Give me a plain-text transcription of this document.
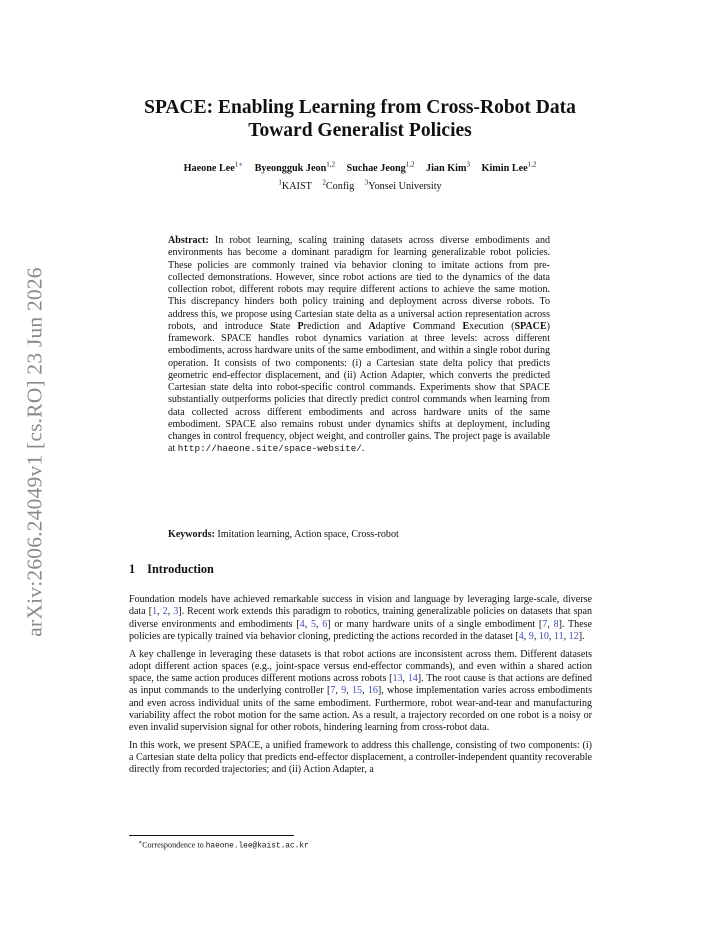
arXiv:2606.24049v1 [cs.RO] 23 Jun 2026
SPACE: Enabling Learning from Cross-Robot Data
Toward Generalist Policies
Haeone Lee$^{1∗}$ Byeongguk Jeon$^{1,2}$ Suchae Jeong$^{1,2}$ Jian Kim$^3$ Kimin Lee$^{1,2}$
$^1$KAIST $^2$Config $^3$Yonsei University

Abstract: In robot learning, scaling training datasets across diverse embodiments and environments has become a dominant paradigm for learning generalizable robot policies. These policies are commonly trained via behavior cloning to imitate actions from pre-collected demonstrations. However, since robot actions are tied to the dynamics of the data collection robot, different robots may require different actions to achieve the same motion. This discrepancy hinders both policy training and deployment across diverse robots. To address this, we propose using Cartesian state delta as a universal action representation across robots, and introduce State Prediction and Adaptive Command Execution (SPACE) framework. SPACE handles robot dynamics variation at three levels: across different embodiments, across hardware units of the same embodiment, and within a single robot during operation. It consists of two components: (i) a Cartesian state delta policy that predicts geometric end-effector displacement, and (ii) Action Adapter, which converts the predicted Cartesian state delta into robot-specific control commands. Experiments show that SPACE substantially outperforms policies that directly predict control commands when learning from data collected across different embodiments and across hardware units of the same embodiment. SPACE also remains robust under dynamics shifts at deployment, including changes in control frequency, object weight, and controller gains. The project page is available at http://haeone.site/space-website/.

Keywords: Imitation learning, Action space, Cross-robot

1 Introduction

Foundation models have achieved remarkable success in vision and language by leveraging large-scale, diverse data [1, 2, 3]. Recent work extends this paradigm to robotics, training generalizable policies on datasets that span diverse environments and embodiments [4, 5, 6] or many hardware units of a single embodiment [7, 8]. These policies are typically trained via behavior cloning, predicting the actions recorded in the dataset [4, 9, 10, 11, 12].

A key challenge in leveraging these datasets is that robot actions are inconsistent across them. Different datasets adopt different action spaces (e.g., joint-space versus end-effector commands), and even within a shared action space, the same action produces different motions across robots [13, 14]. The root cause is that actions are defined as input commands to the underlying controller [7, 9, 15, 16], whose implementation varies across embodiments and even across individual units of the same embodiment. Furthermore, robot wear-and-tear and manufacturing variability affect the robot motion for the same action. As a result, a trajectory recorded on one robot is a noisy or even invalid supervision signal for other robots, hindering learning from cross-robot data.

In this work, we present SPACE, a unified framework to address this challenge, consisting of two components: (i) a Cartesian state delta policy that predicts end-effector displacement, a controller-independent quantity recoverable directly from recorded trajectories; and (ii) Action Adapter, a

∗Correspondence to haeone.lee@kaist.ac.kr
